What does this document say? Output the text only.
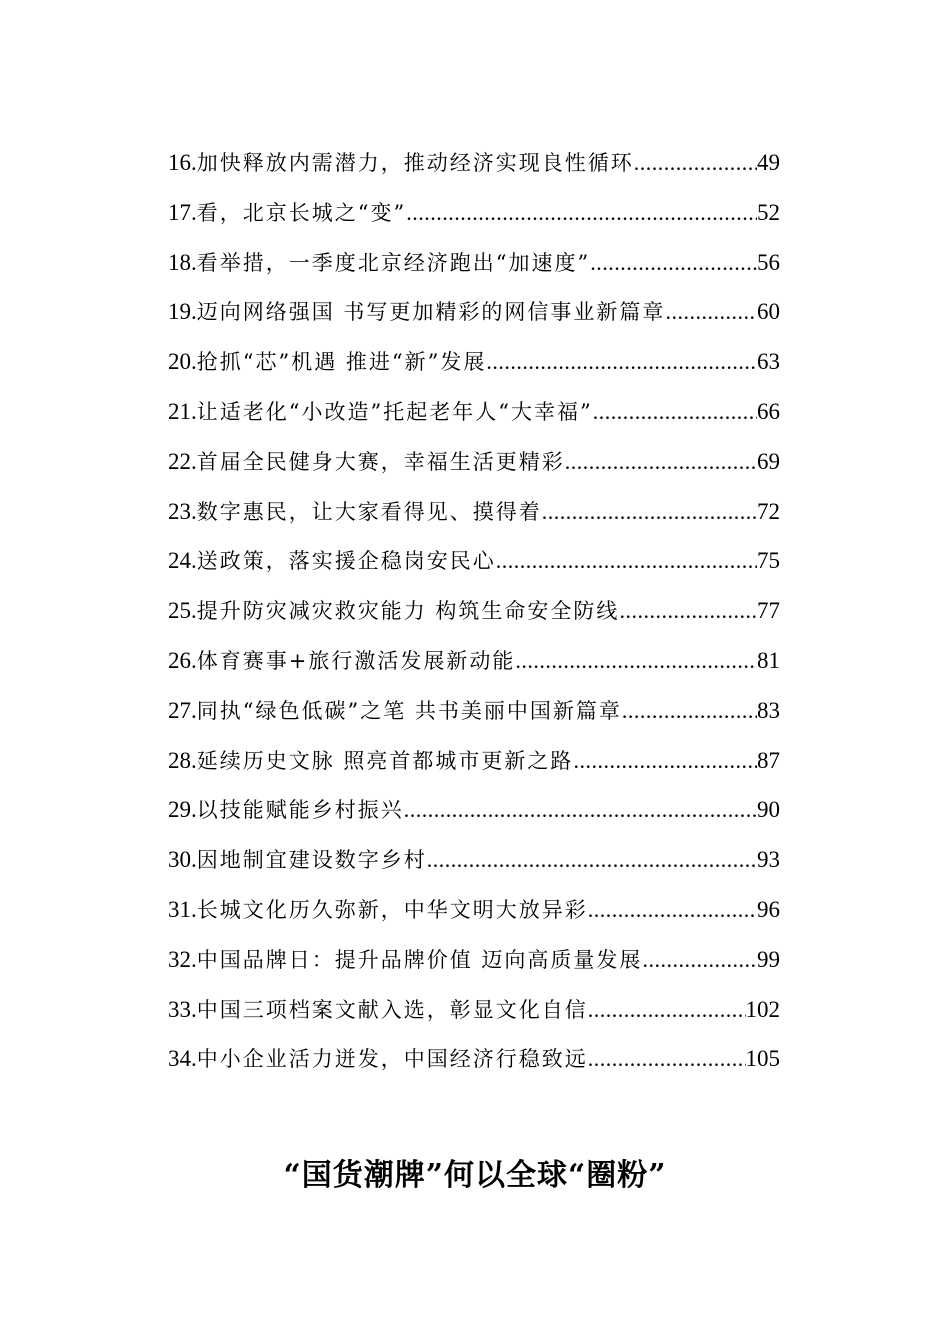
16. 加快释放内需潜力，推动经济实现良性循环 .....	49
17. 看，北京长城之“变” .....	52
18. 看举措，一季度北京经济跑出“加速度” .....	56
19. 迈向网络强国 书写更加精彩的网信事业新篇章 .....	60
20. 抢抓“芯”机遇 推进“新”发展 .....	63
21. 让适老化“小改造”托起老年人“大幸福” .....	66
22. 首届全民健身大赛，幸福生活更精彩 .....	69
23. 数字惠民，让大家看得见、摸得着 .....	72
24. 送政策，落实援企稳岗安民心 .....	75
25. 提升防灾减灾救灾能力 构筑生命安全防线 .....	77
26. 体育赛事+旅行激活发展新动能 .....	81
27. 同执“绿色低碳”之笔 共书美丽中国新篇章 .....	83
28. 延续历史文脉 照亮首都城市更新之路 .....	87
29. 以技能赋能乡村振兴 .....	90
30. 因地制宜建设数字乡村 .....	93
31. 长城文化历久弥新，中华文明大放异彩 .....	96
32. 中国品牌日：提升品牌价值 迈向高质量发展 .....	99
33. 中国三项档案文献入选，彰显文化自信 .....	102
34. 中小企业活力迸发，中国经济行稳致远 .....	105
“国货潮牌”何以全球“圈粉”
